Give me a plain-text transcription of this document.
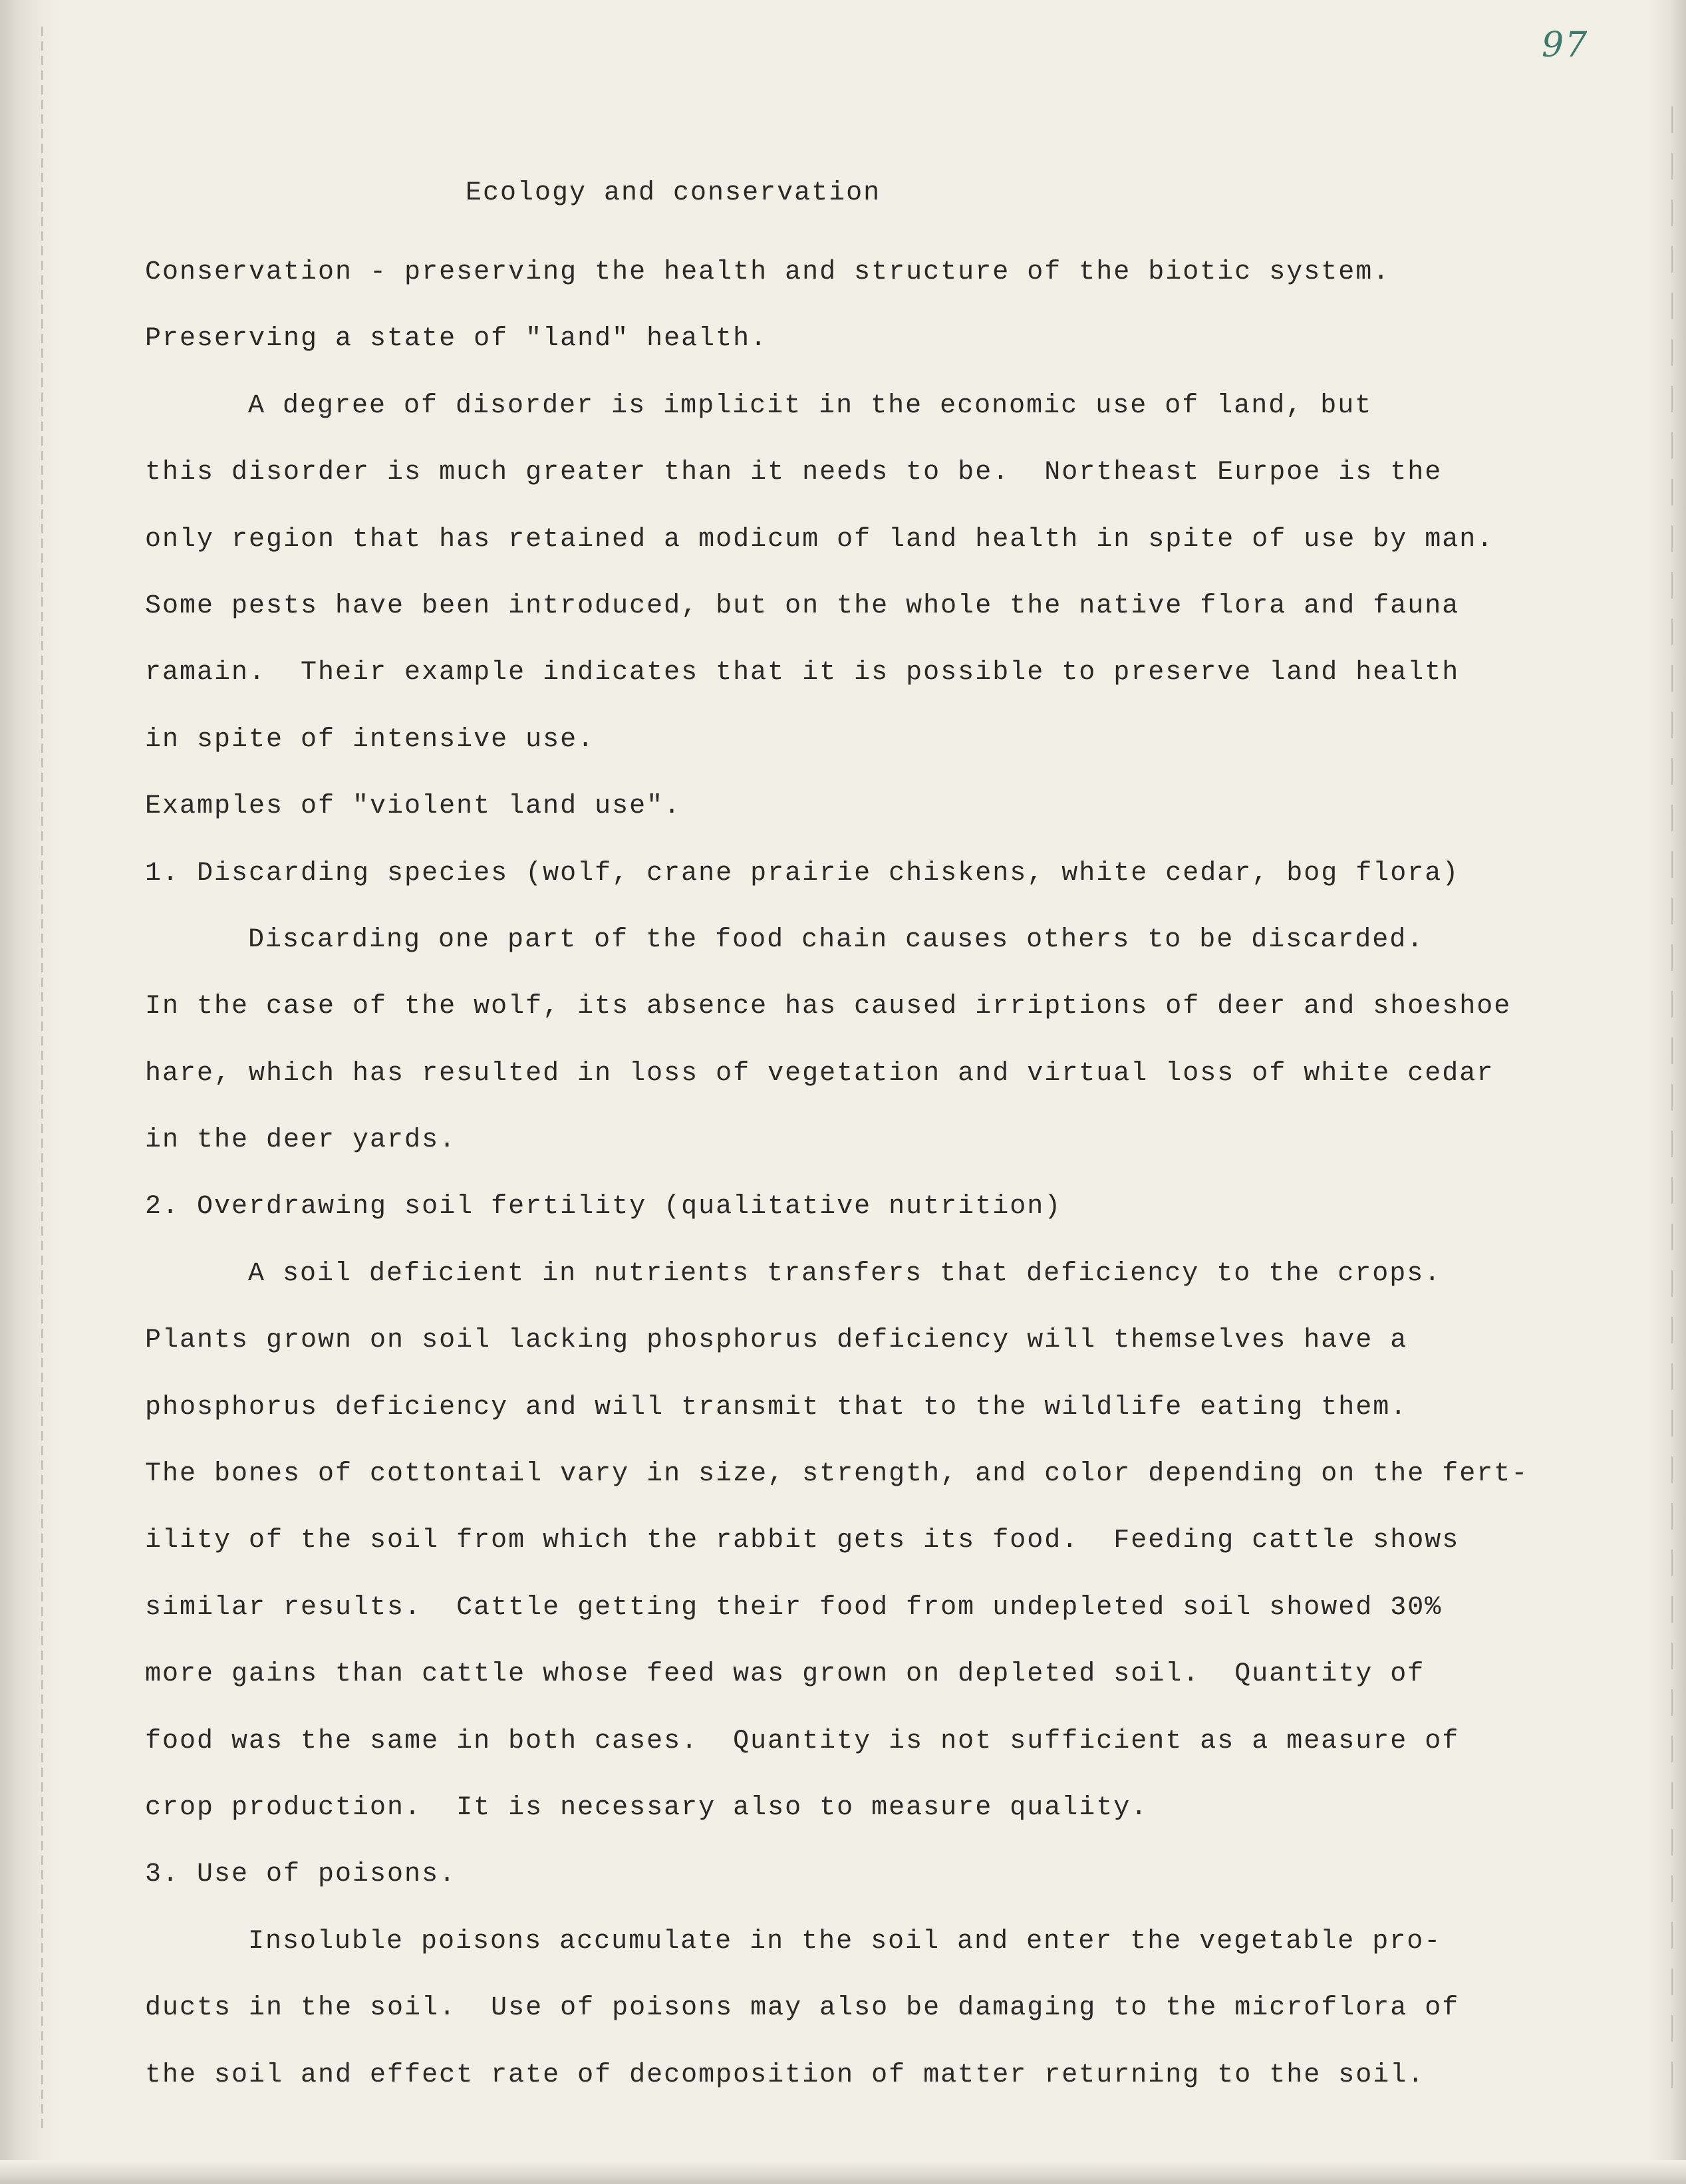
97
Ecology and conservation
Conservation - preserving the health and structure of the biotic system.
Preserving a state of "land" health.
A degree of disorder is implicit in the economic use of land, but
this disorder is much greater than it needs to be.  Northeast Eurpoe is the
only region that has retained a modicum of land health in spite of use by man.
Some pests have been introduced, but on the whole the native flora and fauna
ramain.  Their example indicates that it is possible to preserve land health
in spite of intensive use.
Examples of "violent land use".
1. Discarding species (wolf, crane prairie chiskens, white cedar, bog flora)
Discarding one part of the food chain causes others to be discarded.
In the case of the wolf, its absence has caused irriptions of deer and shoeshoe
hare, which has resulted in loss of vegetation and virtual loss of white cedar
in the deer yards.
2. Overdrawing soil fertility (qualitative nutrition)
A soil deficient in nutrients transfers that deficiency to the crops.
Plants grown on soil lacking phosphorus deficiency will themselves have a
phosphorus deficiency and will transmit that to the wildlife eating them.
The bones of cottontail vary in size, strength, and color depending on the fert-
ility of the soil from which the rabbit gets its food.  Feeding cattle shows
similar results.  Cattle getting their food from undepleted soil showed 30%
more gains than cattle whose feed was grown on depleted soil.  Quantity of
food was the same in both cases.  Quantity is not sufficient as a measure of
crop production.  It is necessary also to measure quality.
3. Use of poisons.
Insoluble poisons accumulate in the soil and enter the vegetable pro-
ducts in the soil.  Use of poisons may also be damaging to the microflora of
the soil and effect rate of decomposition of matter returning to the soil.
